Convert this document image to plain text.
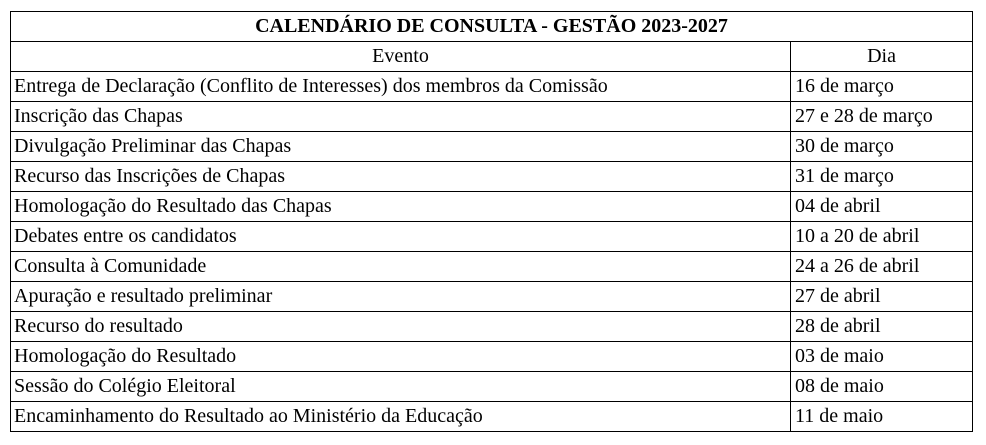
CALENDÁRIO DE CONSULTA - GESTÃO 2023-2027	
Evento	Dia
Entrega de Declaração (Conflito de Interesses) dos membros da Comissão	16 de março
Inscrição das Chapas	27 e 28 de março
Divulgação Preliminar das Chapas	30 de março
Recurso das Inscrições de Chapas	31 de março
Homologação do Resultado das Chapas	04 de abril
Debates entre os candidatos	10 a 20 de abril
Consulta à Comunidade	24 a 26 de abril
Apuração e resultado preliminar	27 de abril
Recurso do resultado	28 de abril
Homologação do Resultado	03 de maio
Sessão do Colégio Eleitoral	08 de maio
Encaminhamento do Resultado ao Ministério da Educação	11 de maio
